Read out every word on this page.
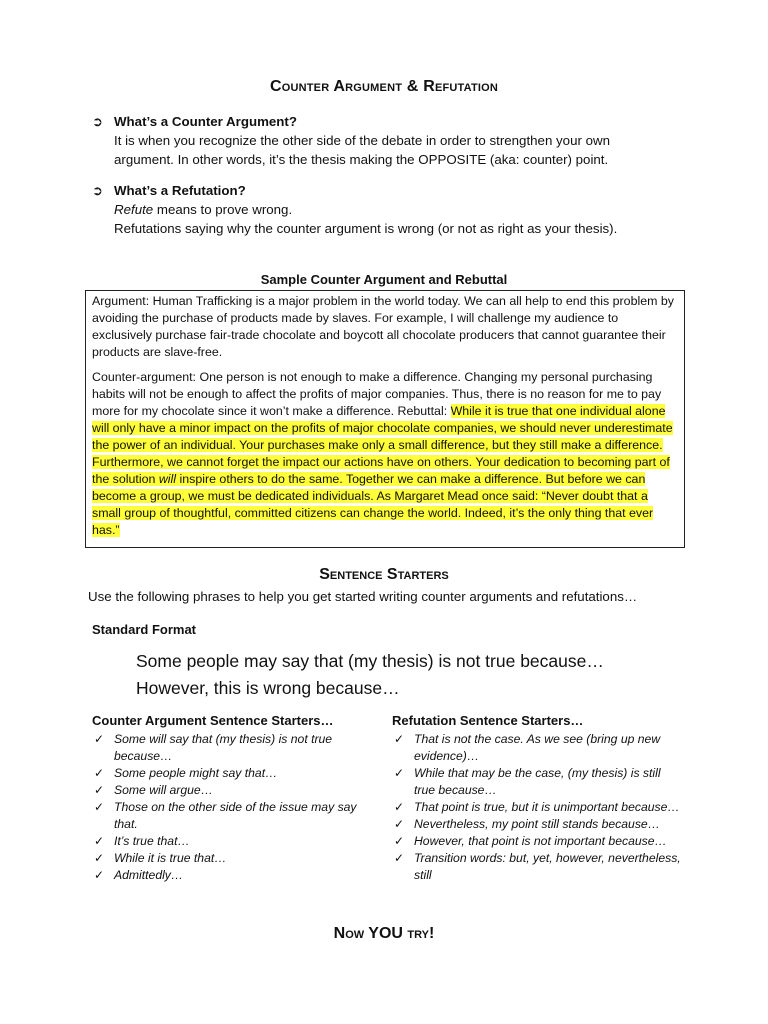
Counter Argument & Refutation
➲ What’s a Counter Argument?

It is when you recognize the other side of the debate in order to strengthen your own

argument. In other words, it’s the thesis making the OPPOSITE (aka: counter) point.

➲ What’s a Refutation?

Refute means to prove wrong.

Refutations saying why the counter argument is wrong (or not as right as your thesis).

Sample Counter Argument and Rebuttal

Argument: Human Trafficking is a major problem in the world today. We can all help to end this problem by avoiding the purchase of products made by slaves. For example, I will challenge my audience to exclusively purchase fair-trade chocolate and boycott all chocolate producers that cannot guarantee their products are slave-free.

Counter-argument: One person is not enough to make a difference. Changing my personal purchasing habits will not be enough to affect the profits of major companies. Thus, there is no reason for me to pay more for my chocolate since it won’t make a difference. Rebuttal: While it is true that one individual alone will only have a minor impact on the profits of major chocolate companies, we should never underestimate the power of an individual. Your purchases make only a small difference, but they still make a difference. Furthermore, we cannot forget the impact our actions have on others. Your dedication to becoming part of the solution will inspire others to do the same. Together we can make a difference. But before we can become a group, we must be dedicated individuals. As Margaret Mead once said: “Never doubt that a small group of thoughtful, committed citizens can change the world. Indeed, it’s the only thing that ever has.”

Sentence Starters
Use the following phrases to help you get started writing counter arguments and refutations…
Standard Format
Some people may say that (my thesis) is not true because…
However, this is wrong because…
Counter Argument Sentence Starters…
✓ Some will say that (my thesis) is not true because…
✓ Some people might say that…
✓ Some will argue…
✓ Those on the other side of the issue may say that.
✓ It’s true that…
✓ While it is true that…
✓ Admittedly…
Refutation Sentence Starters…
✓ That is not the case. As we see (bring up new evidence)…
✓ While that may be the case, (my thesis) is still true because…
✓ That point is true, but it is unimportant because…
✓ Nevertheless, my point still stands because…
✓ However, that point is not important because…
✓ Transition words: but, yet, however, nevertheless, still
Now YOU try!
